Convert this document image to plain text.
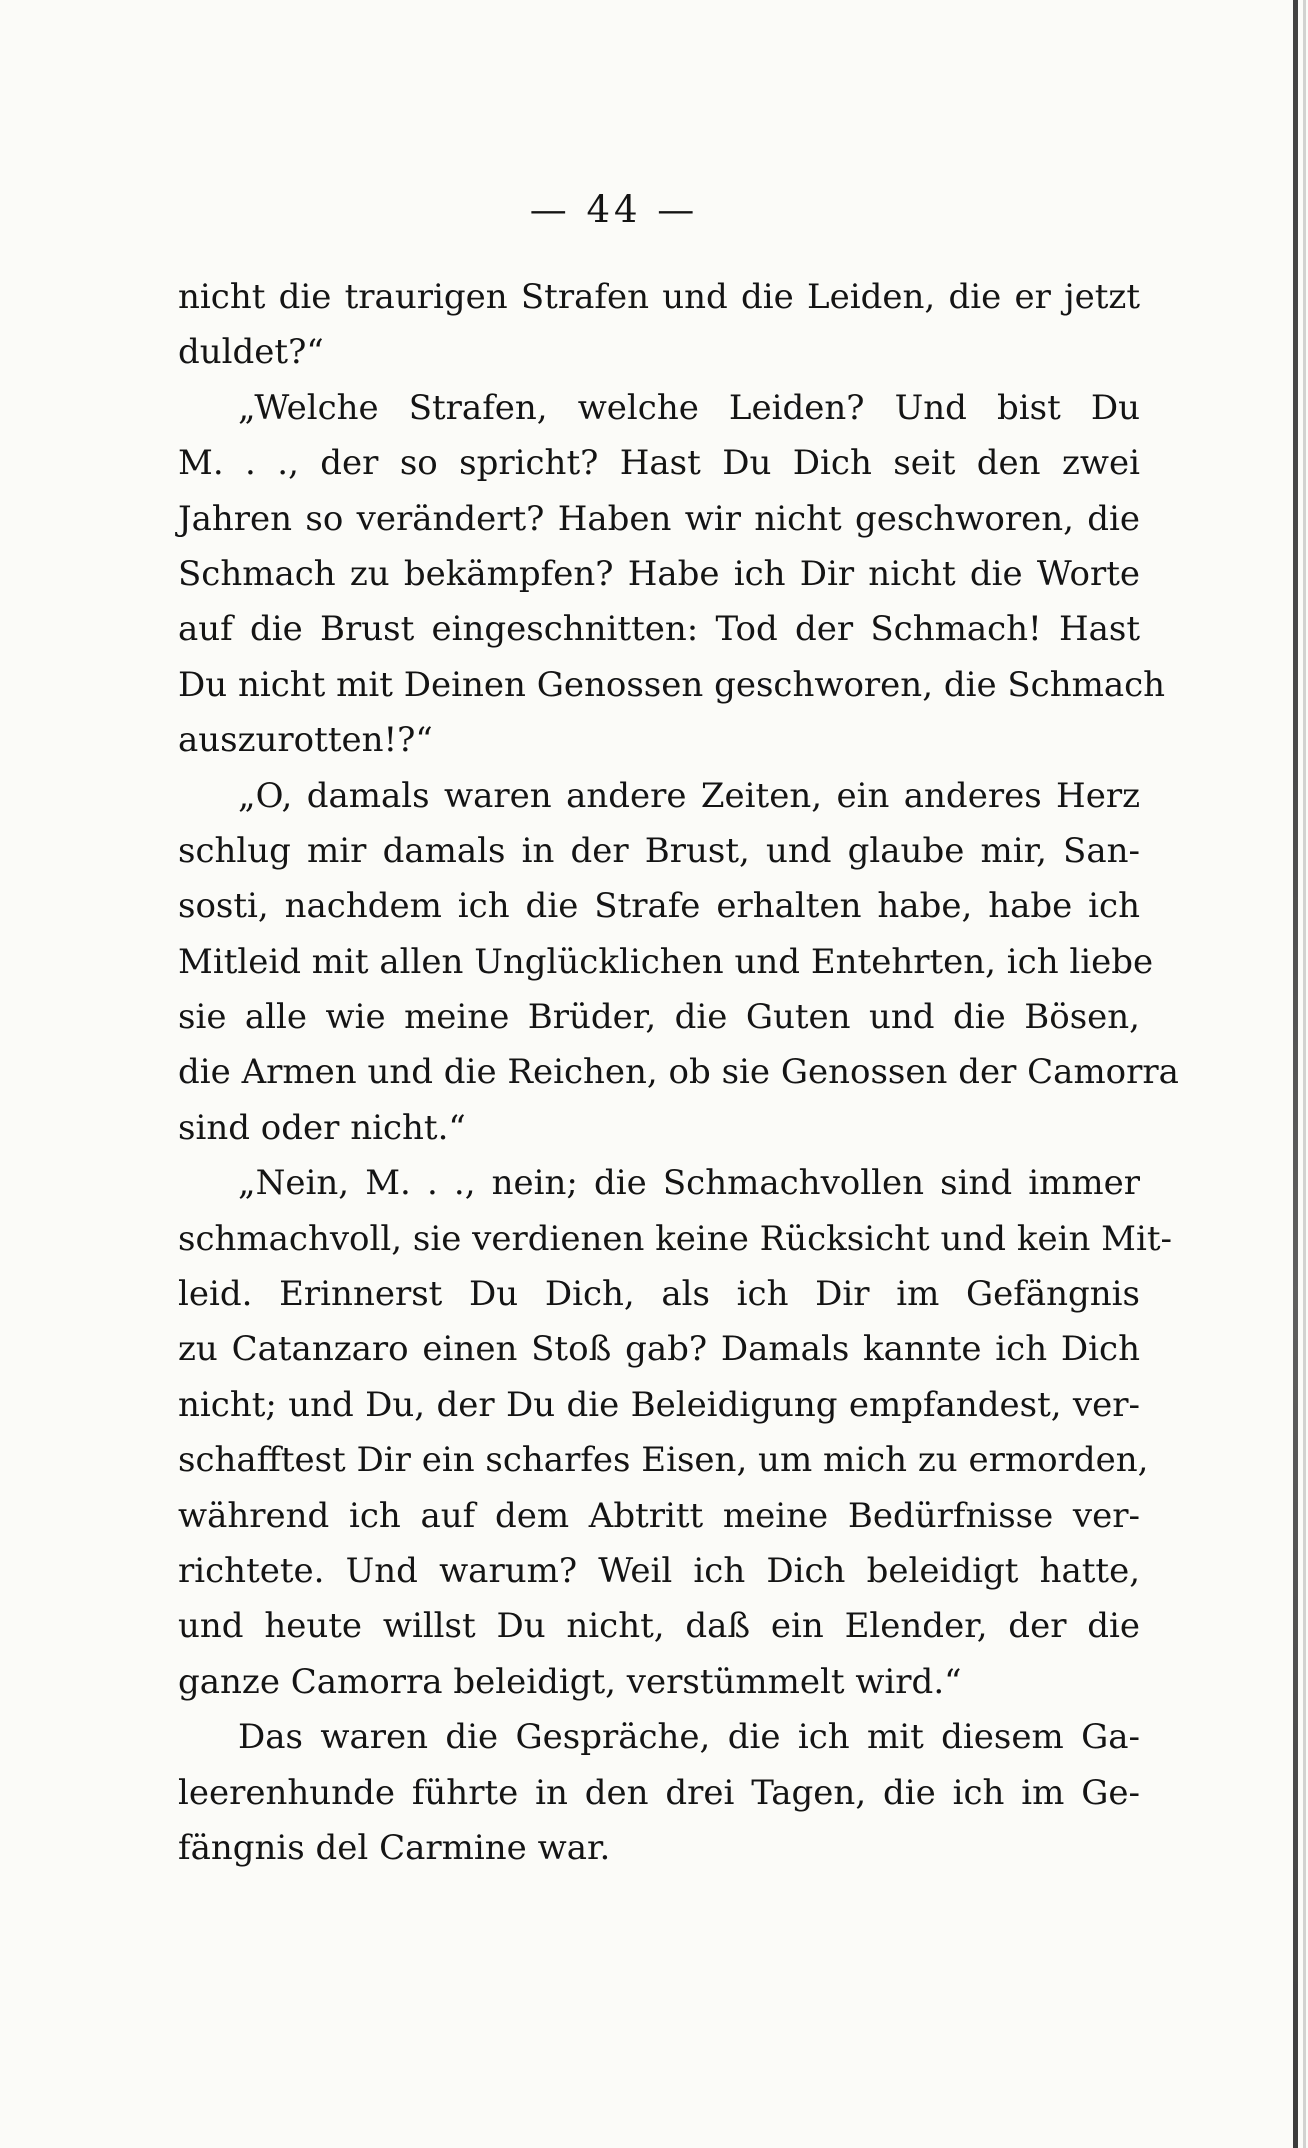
— 44 —
nicht die traurigen Strafen und die Leiden, die er jetzt
duldet?“
„Welche Strafen, welche Leiden? Und bist Du
M. . ., der so spricht? Hast Du Dich seit den zwei
Jahren so verändert? Haben wir nicht geschworen, die
Schmach zu bekämpfen? Habe ich Dir nicht die Worte
auf die Brust eingeschnitten: Tod der Schmach! Hast
Du nicht mit Deinen Genossen geschworen, die Schmach
auszurotten!?“
„O, damals waren andere Zeiten, ein anderes Herz
schlug mir damals in der Brust, und glaube mir, San-
sosti, nachdem ich die Strafe erhalten habe, habe ich
Mitleid mit allen Unglücklichen und Entehrten, ich liebe
sie alle wie meine Brüder, die Guten und die Bösen,
die Armen und die Reichen, ob sie Genossen der Camorra
sind oder nicht.“
„Nein, M. . ., nein; die Schmachvollen sind immer
schmachvoll, sie verdienen keine Rücksicht und kein Mit-
leid. Erinnerst Du Dich, als ich Dir im Gefängnis
zu Catanzaro einen Stoß gab? Damals kannte ich Dich
nicht; und Du, der Du die Beleidigung empfandest, ver-
schafftest Dir ein scharfes Eisen, um mich zu ermorden,
während ich auf dem Abtritt meine Bedürfnisse ver-
richtete. Und warum? Weil ich Dich beleidigt hatte,
und heute willst Du nicht, daß ein Elender, der die
ganze Camorra beleidigt, verstümmelt wird.“
Das waren die Gespräche, die ich mit diesem Ga-
leerenhunde führte in den drei Tagen, die ich im Ge-
fängnis del Carmine war.
